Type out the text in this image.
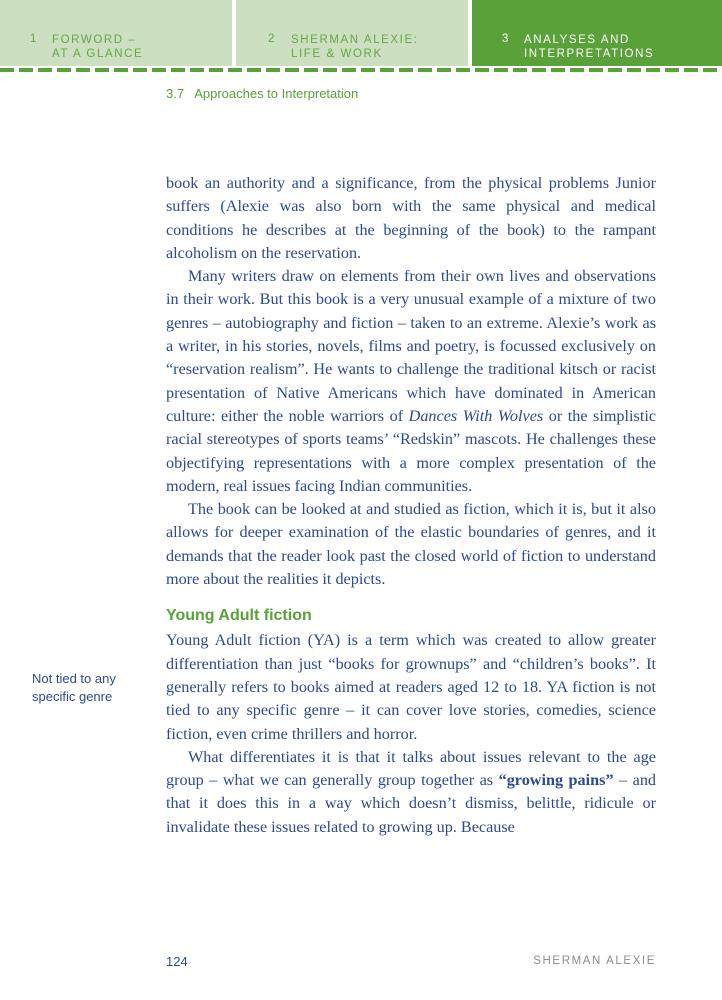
1 FORWORD –
AT A GLANCE
2 SHERMAN ALEXIE:
LIFE & WORK
3 ANALYSES AND
INTERPRETATIONS
3.7   Approaches to Interpretation

book an authority and a significance, from the physical problems Junior suffers (Alexie was also born with the same physical and medical conditions he describes at the beginning of the book) to the rampant alcoholism on the reservation.

Many writers draw on elements from their own lives and observations in their work. But this book is a very unusual example of a mixture of two genres – autobiography and fiction – taken to an extreme. Alexie’s work as a writer, in his stories, novels, films and poetry, is focussed exclusively on “reservation realism”. He wants to challenge the traditional kitsch or racist presentation of Native Americans which have dominated in American culture: either the noble warriors of Dances With Wolves or the simplistic racial stereotypes of sports teams’ “Redskin” mascots. He challenges these objectifying representations with a more complex presentation of the modern, real issues facing Indian communities.

The book can be looked at and studied as fiction, which it is, but it also allows for deeper examination of the elastic boundaries of genres, and it demands that the reader look past the closed world of fiction to understand more about the realities it depicts.

Young Adult fiction

Young Adult fiction (YA) is a term which was created to allow greater differentiation than just “books for grownups” and “children’s books”. It generally refers to books aimed at readers aged 12 to 18. YA fiction is not tied to any specific genre – it can cover love stories, comedies, science fiction, even crime thrillers and horror.

What differentiates it is that it talks about issues relevant to the age group – what we can generally group together as “growing pains” – and that it does this in a way which doesn’t dismiss, belittle, ridicule or invalidate these issues related to growing up. Because

Not tied to any specific genre
124	SHERMAN ALEXIE
